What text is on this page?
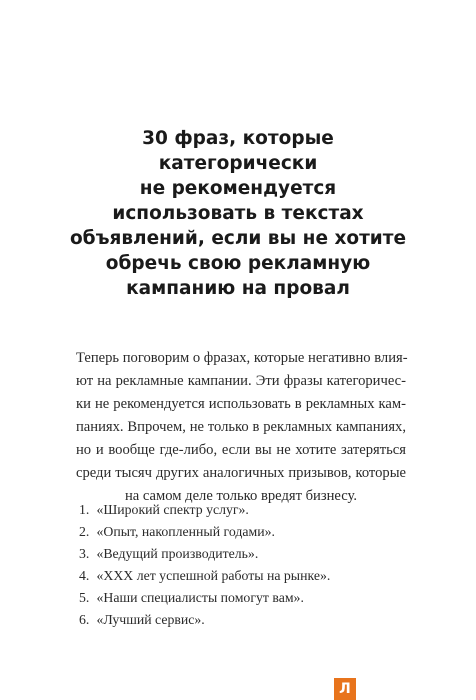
30 фраз, которые
категорически
не рекомендуется
использовать в текстах
объявлений, если вы не хотите
обречь свою рекламную
кампанию на провал
Теперь поговорим о фразах, которые негативно влия-
ют на рекламные кампании. Эти фразы категоричес-
ки не рекомендуется использовать в рекламных кам-
паниях. Впрочем, не только в рекламных кампаниях,
но и вообще где-либо, если вы не хотите затеряться
среди тысяч других аналогичных призывов, которые
на самом деле только вредят бизнесу.
1. «Широкий спектр услуг».
2. «Опыт, накопленный годами».
3. «Ведущий производитель».
4. «XXX лет успешной работы на рынке».
5. «Наши специалисты помогут вам».
6. «Лучший сервис».
Л
